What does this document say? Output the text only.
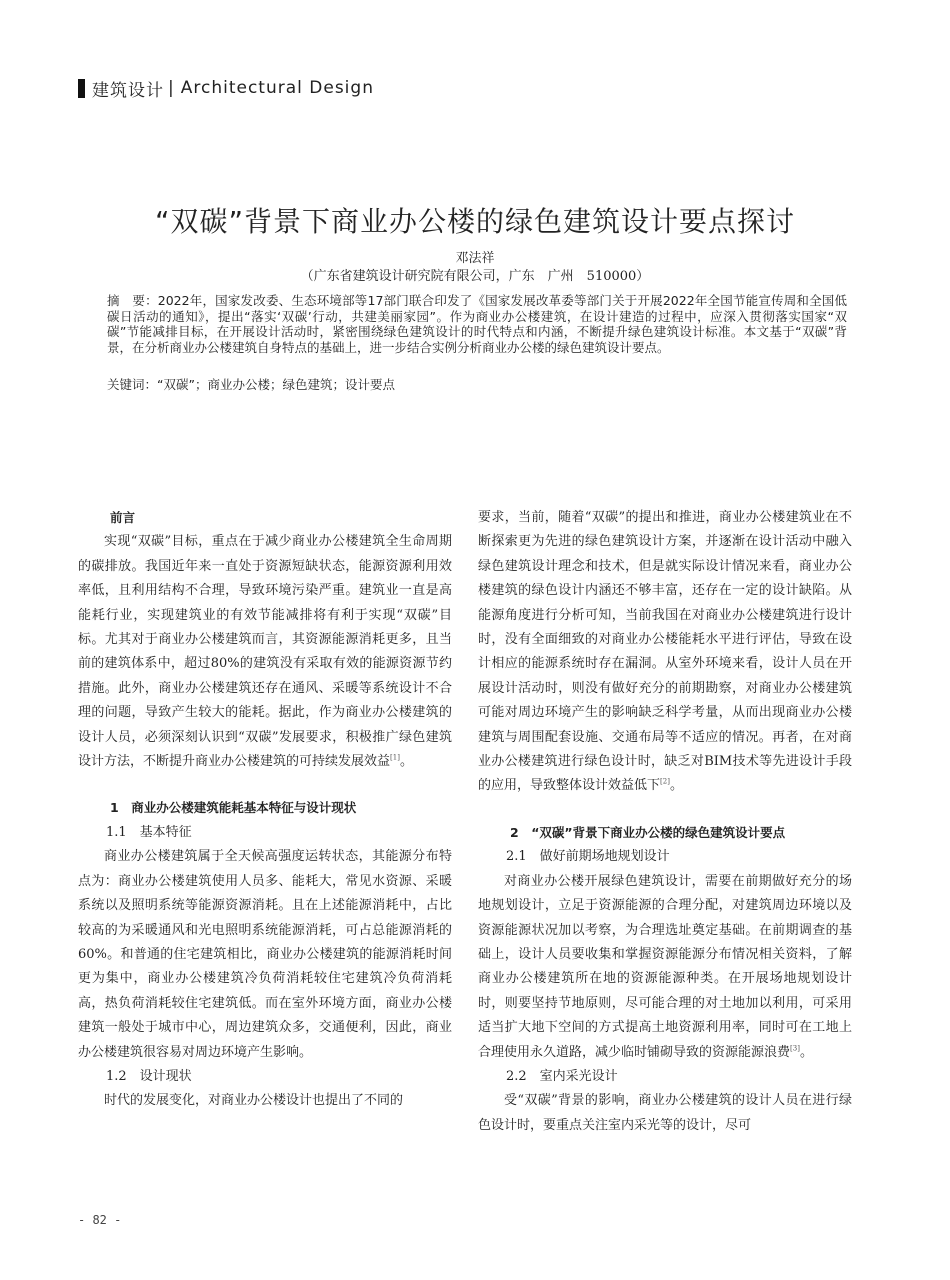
建筑设计 | Architectural Design
“双碳”背景下商业办公楼的绿色建筑设计要点探讨
邓法祥
（广东省建筑设计研究院有限公司，广东　广州　510000）
摘　要：2022年，国家发改委、生态环境部等17部门联合印发了《国家发展改革委等部门关于开展2022年全国节能宣传周和全国低碳日活动的通知》，提出“落实‘双碳’行动，共建美丽家园”。作为商业办公楼建筑，在设计建造的过程中，应深入贯彻落实国家“双碳”节能减排目标，在开展设计活动时，紧密围绕绿色建筑设计的时代特点和内涵，不断提升绿色建筑设计标准。本文基于“双碳”背景，在分析商业办公楼建筑自身特点的基础上，进一步结合实例分析商业办公楼的绿色建筑设计要点。
关键词：“双碳”；商业办公楼；绿色建筑；设计要点

前言

实现“双碳”目标，重点在于减少商业办公楼建筑全生命周期的碳排放。我国近年来一直处于资源短缺状态，能源资源利用效率低，且利用结构不合理，导致环境污染严重。建筑业一直是高能耗行业，实现建筑业的有效节能减排将有利于实现“双碳”目标。尤其对于商业办公楼建筑而言，其资源能源消耗更多，且当前的建筑体系中，超过80%的建筑没有采取有效的能源资源节约措施。此外，商业办公楼建筑还存在通风、采暖等系统设计不合理的问题，导致产生较大的能耗。据此，作为商业办公楼建筑的设计人员，必须深刻认识到“双碳”发展要求，积极推广绿色建筑设计方法，不断提升商业办公楼建筑的可持续发展效益[1]。

1　商业办公楼建筑能耗基本特征与设计现状

1.1　基本特征

商业办公楼建筑属于全天候高强度运转状态，其能源分布特点为：商业办公楼建筑使用人员多、能耗大，常见水资源、采暖系统以及照明系统等能源资源消耗。且在上述能源消耗中，占比较高的为采暖通风和光电照明系统能源消耗，可占总能源消耗的60%。和普通的住宅建筑相比，商业办公楼建筑的能源消耗时间更为集中，商业办公楼建筑冷负荷消耗较住宅建筑冷负荷消耗高，热负荷消耗较住宅建筑低。而在室外环境方面，商业办公楼建筑一般处于城市中心，周边建筑众多，交通便利，因此，商业办公楼建筑很容易对周边环境产生影响。

1.2　设计现状

时代的发展变化，对商业办公楼设计也提出了不同的

要求，当前，随着“双碳”的提出和推进，商业办公楼建筑业在不断探索更为先进的绿色建筑设计方案，并逐渐在设计活动中融入绿色建筑设计理念和技术，但是就实际设计情况来看，商业办公楼建筑的绿色设计内涵还不够丰富，还存在一定的设计缺陷。从能源角度进行分析可知，当前我国在对商业办公楼建筑进行设计时，没有全面细致的对商业办公楼能耗水平进行评估，导致在设计相应的能源系统时存在漏洞。从室外环境来看，设计人员在开展设计活动时，则没有做好充分的前期勘察，对商业办公楼建筑可能对周边环境产生的影响缺乏科学考量，从而出现商业办公楼建筑与周围配套设施、交通布局等不适应的情况。再者，在对商业办公楼建筑进行绿色设计时，缺乏对BIM技术等先进设计手段的应用，导致整体设计效益低下[2]。

2　“双碳”背景下商业办公楼的绿色建筑设计要点

2.1　做好前期场地规划设计

对商业办公楼开展绿色建筑设计，需要在前期做好充分的场地规划设计，立足于资源能源的合理分配，对建筑周边环境以及资源能源状况加以考察，为合理选址奠定基础。在前期调查的基础上，设计人员要收集和掌握资源能源分布情况相关资料，了解商业办公楼建筑所在地的资源能源种类。在开展场地规划设计时，则要坚持节地原则，尽可能合理的对土地加以利用，可采用适当扩大地下空间的方式提高土地资源利用率，同时可在工地上合理使用永久道路，减少临时铺砌导致的资源能源浪费[3]。

2.2　室内采光设计

受“双碳”背景的影响，商业办公楼建筑的设计人员在进行绿色设计时，要重点关注室内采光等的设计，尽可

- 82 -
